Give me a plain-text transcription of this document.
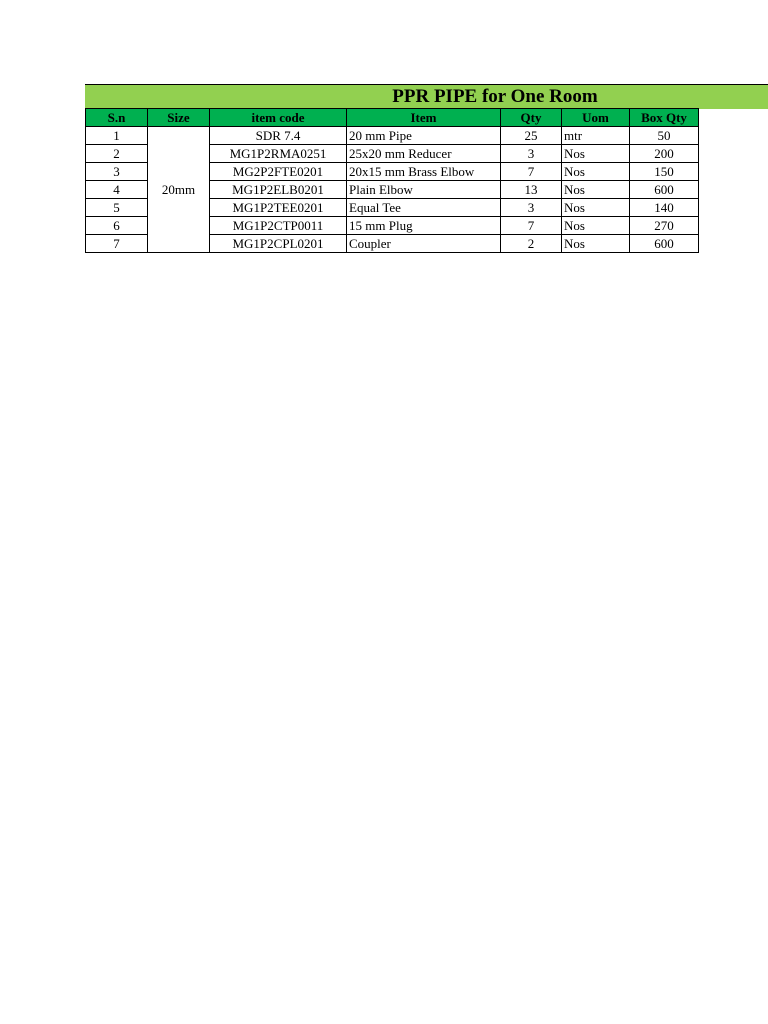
PPR PIPE for One Room
S.n	Size	item code	Item	Qty	Uom	Box Qty
1	20mm	SDR 7.4	20 mm Pipe	25	mtr	50
2		MG1P2RMA0251	25x20 mm Reducer	3	Nos	200
3		MG2P2FTE0201	20x15 mm Brass Elbow	7	Nos	150
4		MG1P2ELB0201	Plain Elbow	13	Nos	600
5		MG1P2TEE0201	Equal Tee	3	Nos	140
6		MG1P2CTP0011	15 mm Plug	7	Nos	270
7		MG1P2CPL0201	Coupler	2	Nos	600
